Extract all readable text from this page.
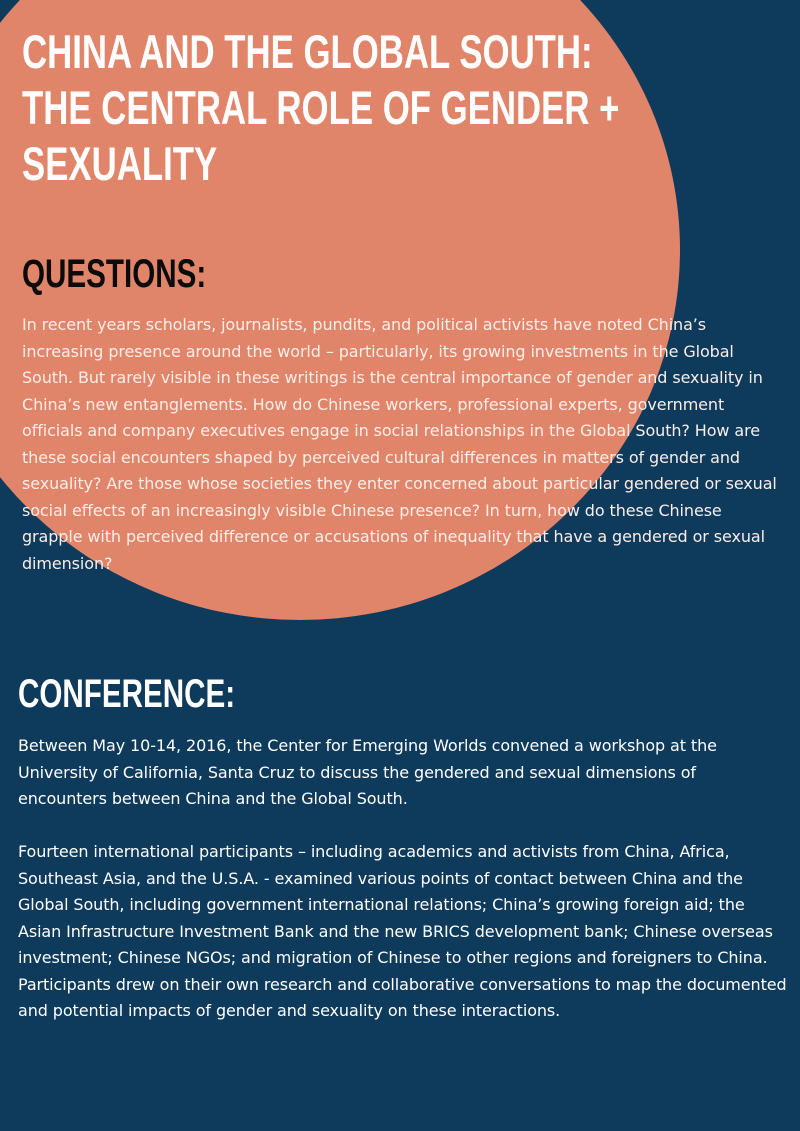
CHINA AND THE GLOBAL SOUTH:
THE CENTRAL ROLE OF GENDER +
SEXUALITY
QUESTIONS:

In recent years scholars, journalists, pundits, and political activists have noted China’s increasing presence around the world – particularly, its growing investments in the Global South. But rarely visible in these writings is the central importance of gender and sexuality in China’s new entanglements. How do Chinese workers, professional experts, government officials and company executives engage in social relationships in the Global South? How are these social encounters shaped by perceived cultural differences in matters of gender and sexuality? Are those whose societies they enter concerned about particular gendered or sexual social effects of an increasingly visible Chinese presence? In turn, how do these Chinese grapple with perceived difference or accusations of inequality that have a gendered or sexual dimension?

CONFERENCE:

Between May 10-14, 2016, the Center for Emerging Worlds convened a workshop at the University of California, Santa Cruz to discuss the gendered and sexual dimensions of encounters between China and the Global South.

Fourteen international participants – including academics and activists from China, Africa, Southeast Asia, and the U.S.A. - examined various points of contact between China and the Global South, including government international relations; China’s growing foreign aid; the Asian Infrastructure Investment Bank and the new BRICS development bank; Chinese overseas investment; Chinese NGOs; and migration of Chinese to other regions and foreigners to China. Participants drew on their own research and collaborative conversations to map the documented and potential impacts of gender and sexuality on these interactions.
